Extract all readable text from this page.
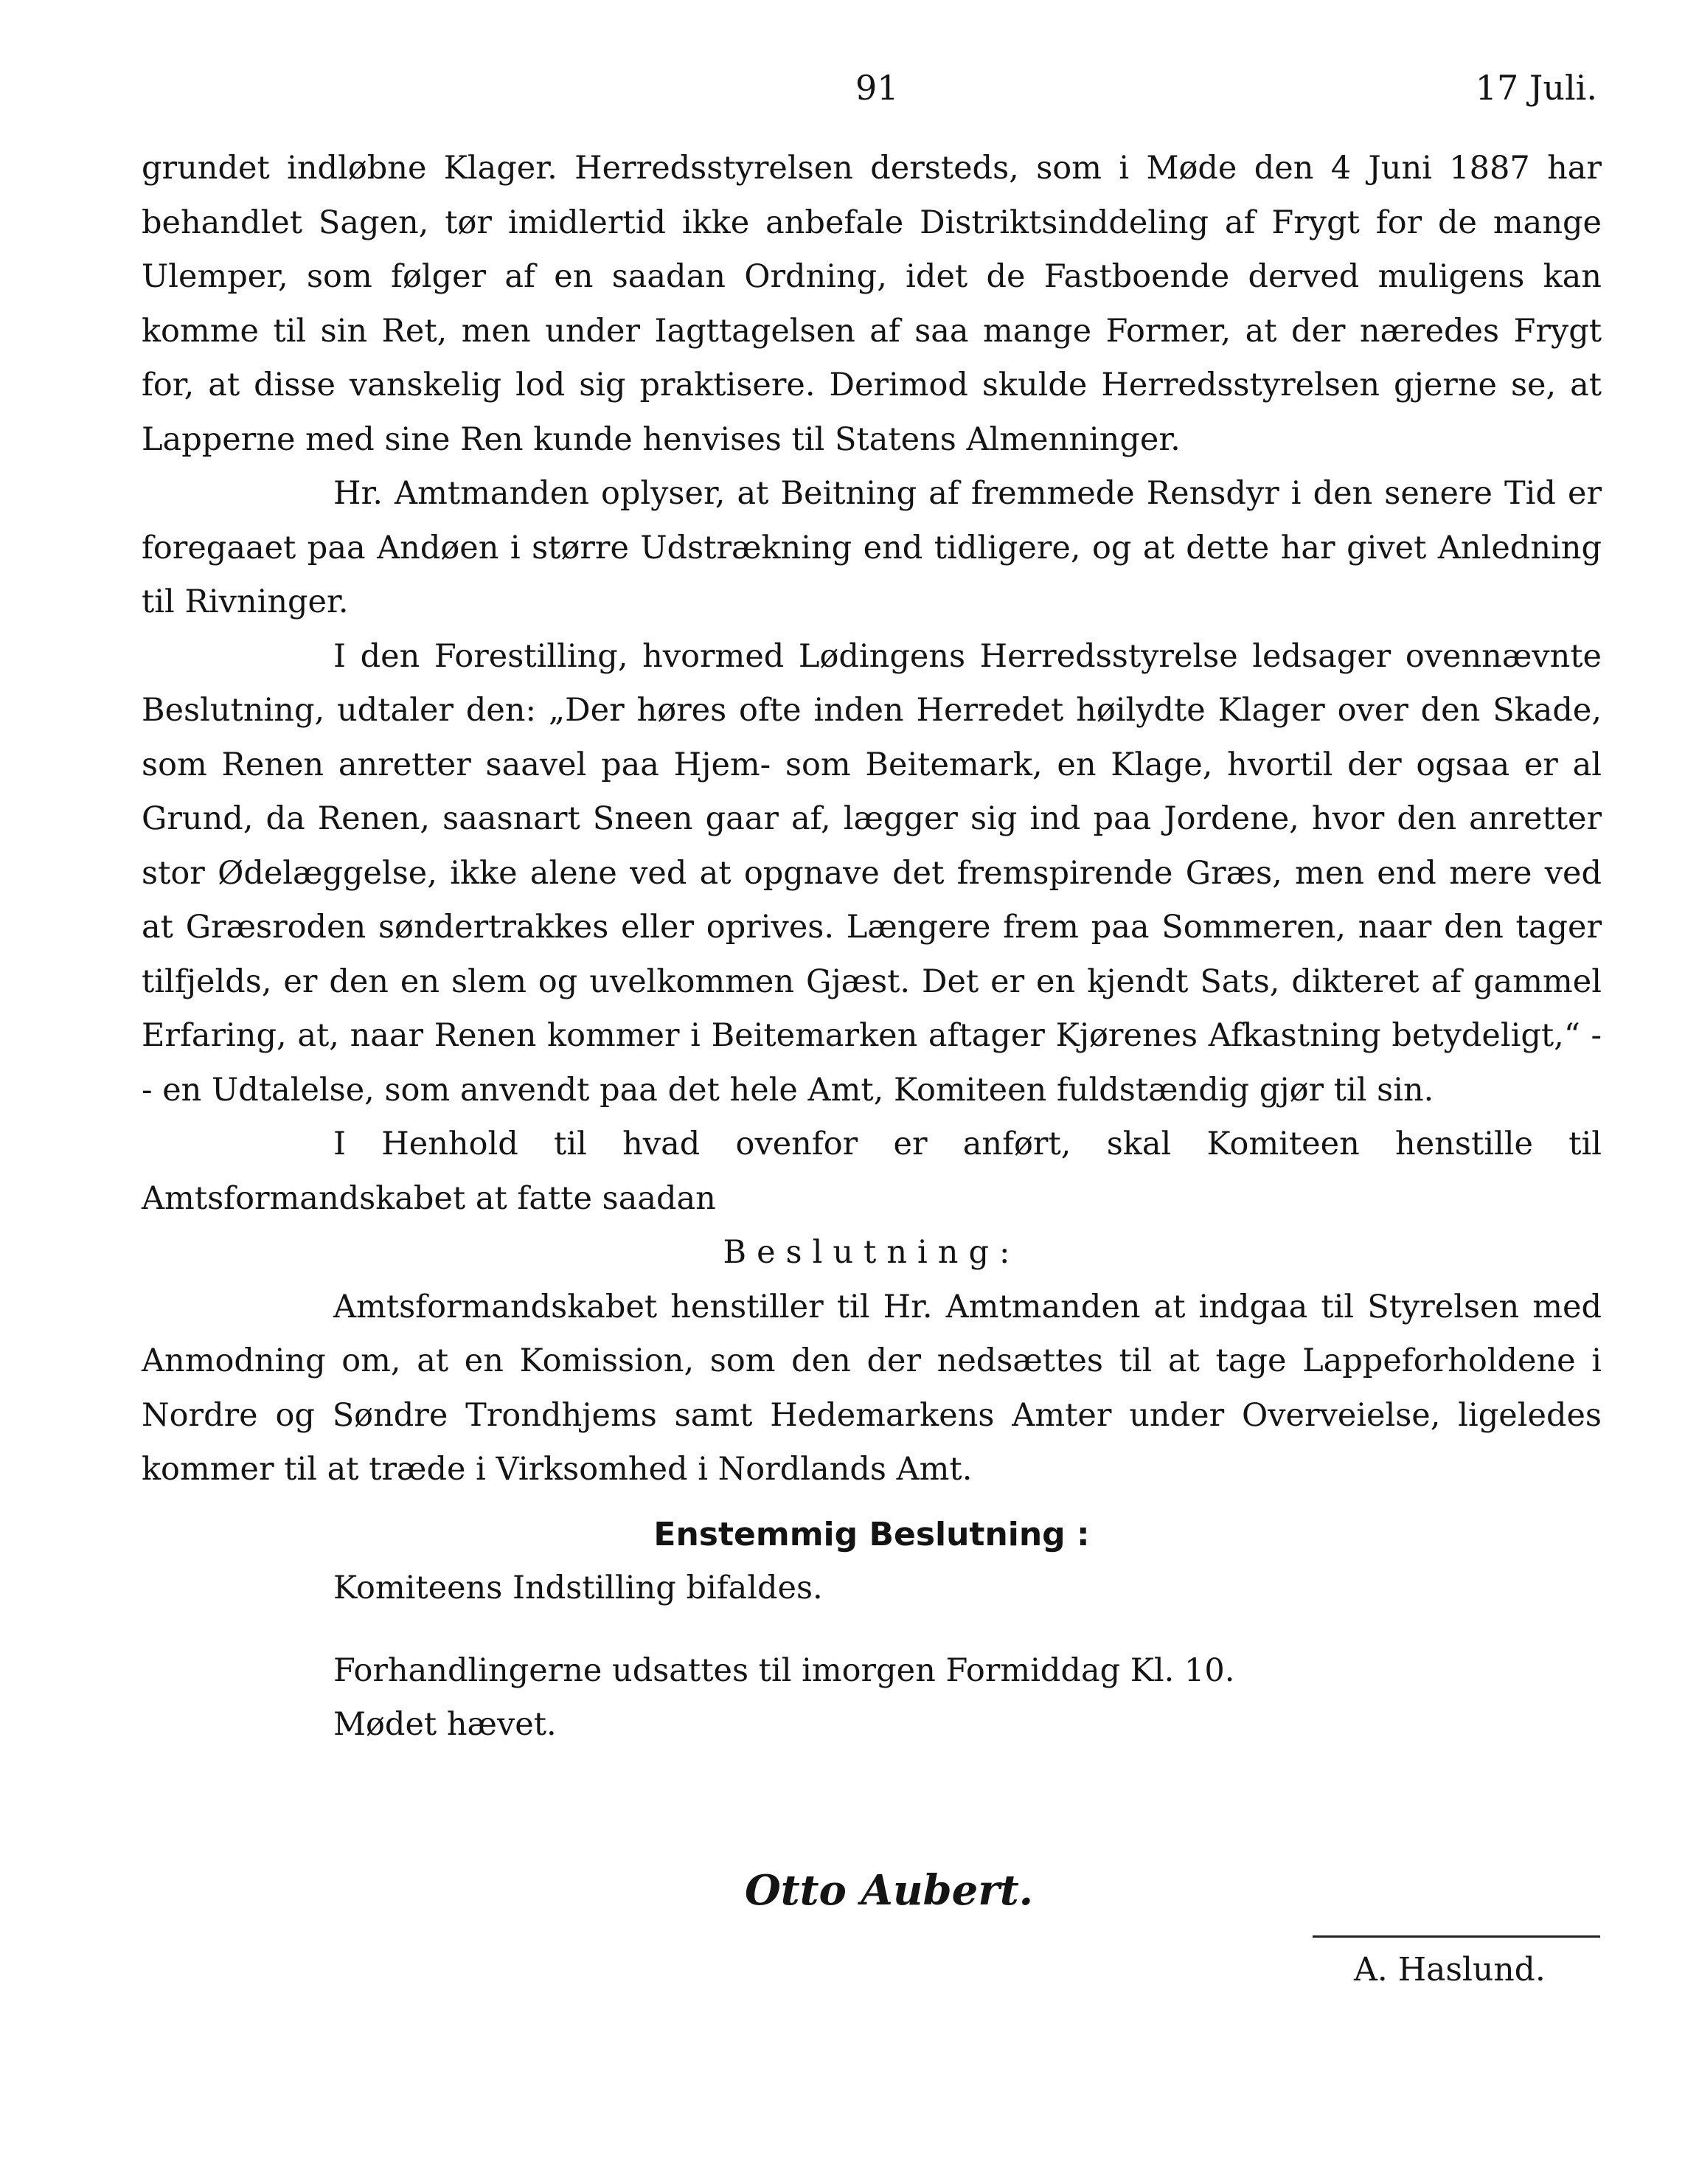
91	17 Juli.

grundet indløbne Klager. Herredsstyrelsen dersteds, som i Møde den 4 Juni 1887 har behandlet Sagen, tør imidlertid ikke anbefale Distriktsinddeling af Frygt for de mange Ulemper, som følger af en saadan Ordning, idet de Fastboende derved muligens kan komme til sin Ret, men under Iagttagelsen af saa mange Former, at der næredes Frygt for, at disse vanskelig lod sig praktisere. Derimod skulde Herredsstyrelsen gjerne se, at Lapperne med sine Ren kunde henvises til Statens Almenninger.

Hr. Amtmanden oplyser, at Beitning af fremmede Rensdyr i den senere Tid er foregaaet paa Andøen i større Udstrækning end tidligere, og at dette har givet Anledning til Rivninger.

I den Forestilling, hvormed Lødingens Herredsstyrelse ledsager ovennævnte Beslutning, udtaler den: „Der høres ofte inden Herredet høilydte Klager over den Skade, som Renen anretter saavel paa Hjem- som Beitemark, en Klage, hvortil der ogsaa er al Grund, da Renen, saasnart Sneen gaar af, lægger sig ind paa Jordene, hvor den anretter stor Ødelæggelse, ikke alene ved at opgnave det fremspirende Græs, men end mere ved at Græsroden søndertrakkes eller oprives. Længere frem paa Sommeren, naar den tager tilfjelds, er den en slem og uvelkommen Gjæst. Det er en kjendt Sats, dikteret af gammel Erfaring, at, naar Renen kommer i Beitemarken aftager Kjørenes Afkastning betydeligt,“ -- en Udtalelse, som anvendt paa det hele Amt, Komiteen fuldstændig gjør til sin.

I Henhold til hvad ovenfor er anført, skal Komiteen henstille til Amtsformandskabet at fatte saadan

Beslutning:

Amtsformandskabet henstiller til Hr. Amtmanden at indgaa til Styrelsen med Anmodning om, at en Komission, som den der nedsættes til at tage Lappeforholdene i Nordre og Søndre Trondhjems samt Hedemarkens Amter under Overveielse, ligeledes kommer til at træde i Virksomhed i Nordlands Amt.

Enstemmig Beslutning :

Komiteens Indstilling bifaldes.

Forhandlingerne udsattes til imorgen Formiddag Kl. 10.

Mødet hævet.

Otto Aubert.
A. Haslund.
